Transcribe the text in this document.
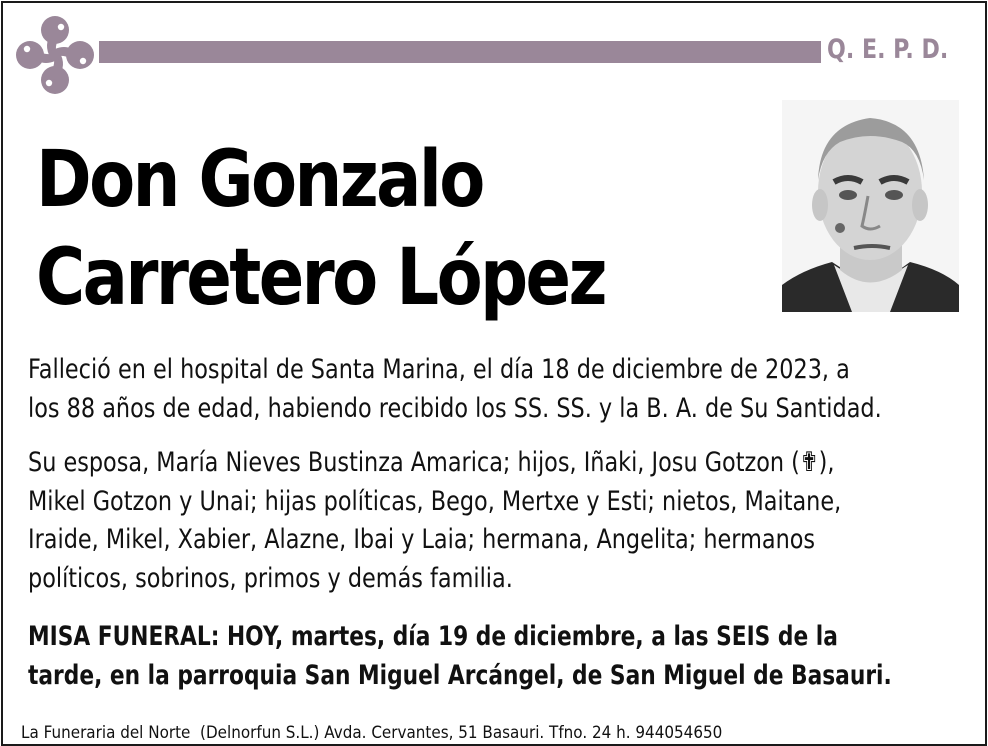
Q. E. P. D.
Don Gonzalo
Carretero López
Falleció en el hospital de Santa Marina, el día 18 de diciembre de 2023, a
los 88 años de edad, habiendo recibido los SS. SS. y la B. A. de Su Santidad.
Su esposa, María Nieves Bustinza Amarica; hijos, Iñaki, Josu Gotzon (✟),
Mikel Gotzon y Unai; hijas políticas, Bego, Mertxe y Esti; nietos, Maitane,
Iraide, Mikel, Xabier, Alazne, Ibai y Laia; hermana, Angelita; hermanos
políticos, sobrinos, primos y demás familia.
MISA FUNERAL: HOY, martes, día 19 de diciembre, a las SEIS de la
tarde, en la parroquia San Miguel Arcángel, de San Miguel de Basauri.
La Funeraria del Norte  (Delnorfun S.L.) Avda. Cervantes, 51 Basauri. Tfno. 24 h. 944054650
